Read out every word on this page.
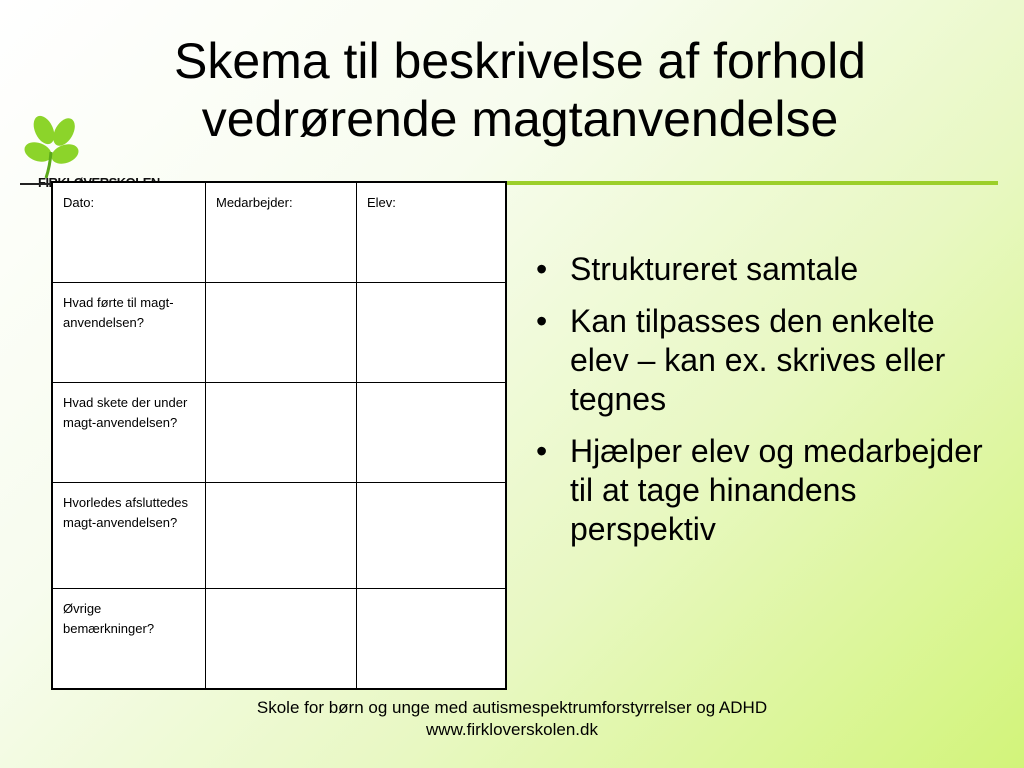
Skema til beskrivelse af forhold
vedrørende magtanvendelse
Dato:	Medarbejder:	Elev:
Hvad førte til magt-anvendelsen?		
Hvad skete der under magt-anvendelsen?		
Hvorledes afsluttedes magt-anvendelsen?		
Øvrige bemærkninger?		
• Struktureret samtale
• Kan tilpasses den enkelte elev – kan ex. skrives eller tegnes
• Hjælper elev og medarbejder til at tage hinandens perspektiv
Skole for børn og unge med autismespektrumforstyrrelser og ADHD
www.firkloverskolen.dk
